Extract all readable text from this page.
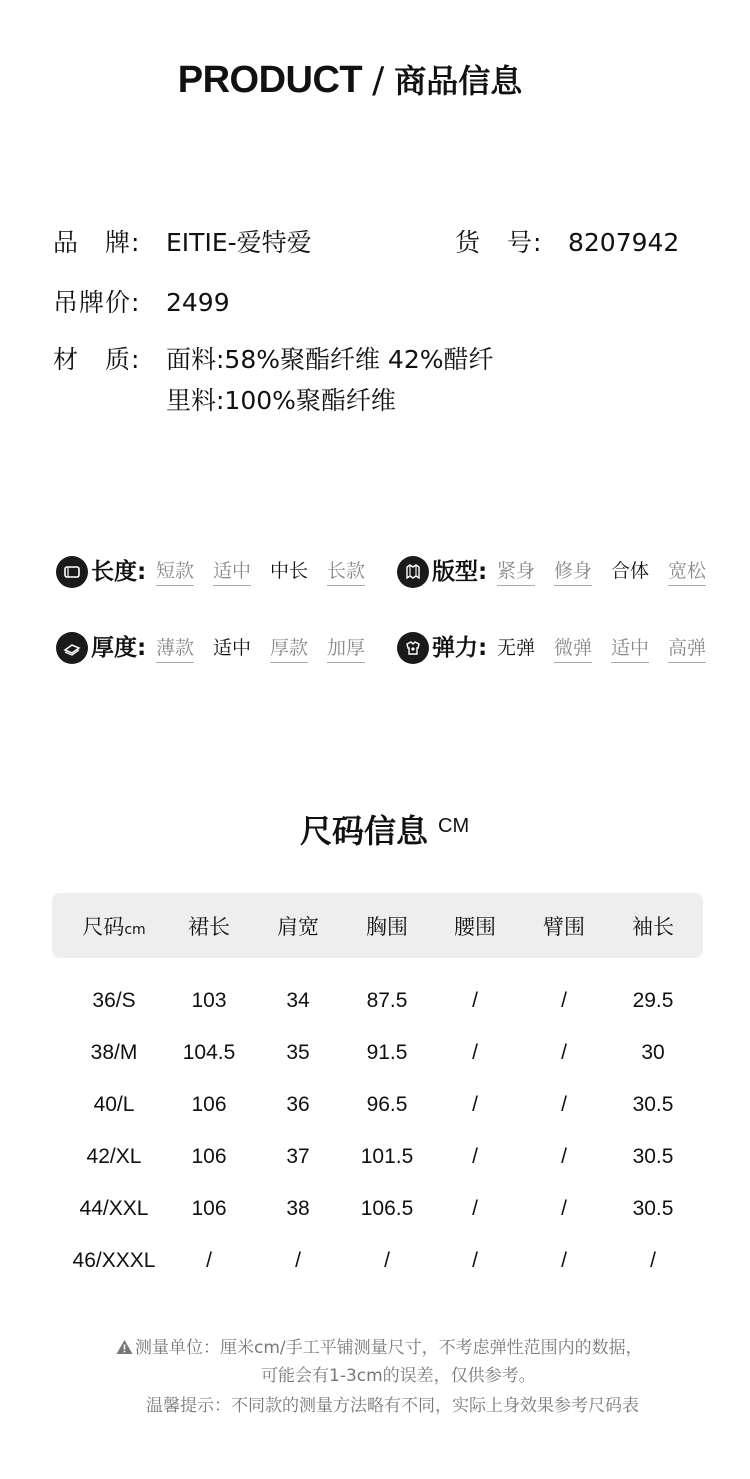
PRODUCT / 商品信息
品　牌: EITIE-爱特爱	货　号: 8207942
吊牌价: 2499
材　质: 面料:58%聚酯纤维 42%醋纤
里料:100%聚酯纤维
长度: 短款 适中 中长 长款	版型: 紧身 修身 合体 宽松
厚度: 薄款 适中 厚款 加厚	弹力: 无弹 微弹 适中 高弹
尺码信息 CM
尺码cm	裙长	肩宽	胸围	腰围	臂围	袖长
36/S	103	34	87.5	/	/	29.5
38/M	104.5	35	91.5	/	/	30
40/L	106	36	96.5	/	/	30.5
42/XL	106	37	101.5	/	/	30.5
44/XXL	106	38	106.5	/	/	30.5
46/XXXL	/	/	/	/	/	/
测量单位：厘米cm/手工平铺测量尺寸，不考虑弹性范围内的数据，
可能会有1-3cm的误差，仅供参考。
温馨提示：不同款的测量方法略有不同，实际上身效果参考尺码表
